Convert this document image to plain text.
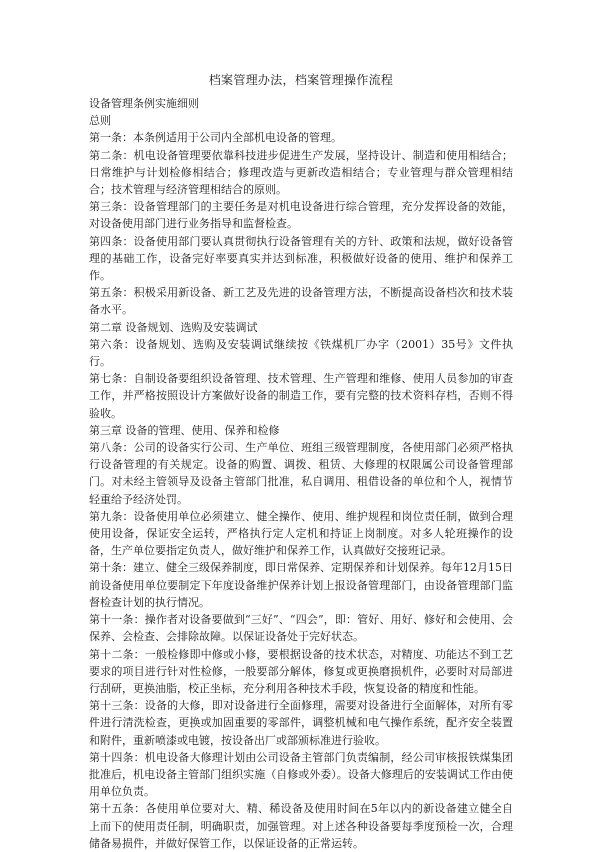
档案管理办法，档案管理操作流程

设备管理条例实施细则

总则

第一条：本条例适用于公司内全部机电设备的管理。

第二条：机电设备管理要依靠科技进步促进生产发展，坚持设计、制造和使用相结合；日常维护与计划检修相结合；修理改造与更新改造相结合；专业管理与群众管理相结合；技术管理与经济管理相结合的原则。

第三条：设备管理部门的主要任务是对机电设备进行综合管理，充分发挥设备的效能，对设备使用部门进行业务指导和监督检查。

第四条：设备使用部门要认真贯彻执行设备管理有关的方针、政策和法规，做好设备管理的基础工作，设备完好率要真实并达到标准，积极做好设备的使用、维护和保养工作。

第五条：积极采用新设备、新工艺及先进的设备管理方法，不断提高设备档次和技术装备水平。

第二章 设备规划、选购及安装调试

第六条：设备规划、选购及安装调试继续按《铁煤机厂办字（2001）35号》文件执行。

第七条：自制设备要组织设备管理、技术管理、生产管理和维修、使用人员参加的审查工作，并严格按照设计方案做好设备的制造工作，要有完整的技术资料存档，否则不得验收。

第三章 设备的管理、使用、保养和检修

第八条：公司的设备实行公司、生产单位、班组三级管理制度，各使用部门必须严格执行设备管理的有关规定。设备的购置、调拨、租赁、大修理的权限属公司设备管理部门。对未经主管领导及设备主管部门批准，私自调用、租借设备的单位和个人，视情节轻重给予经济处罚。

第九条：设备使用单位必须建立、健全操作、使用、维护规程和岗位责任制，做到合理使用设备，保证安全运转，严格执行定人定机和持证上岗制度。对多人轮班操作的设备，生产单位要指定负责人，做好维护和保养工作，认真做好交接班记录。

第十条：建立、健全三级保养制度，即日常保养、定期保养和计划保养。每年12月15日前设备使用单位要制定下年度设备维护保养计划上报设备管理部门，由设备管理部门监督检查计划的执行情况。

第十一条：操作者对设备要做到“三好”、“四会”，即：管好、用好、修好和会使用、会保养、会检查、会排除故障。以保证设备处于完好状态。

第十二条：一般检修即中修或小修，要根据设备的技术状态，对精度、功能达不到工艺要求的项目进行针对性检修，一般要部分解体，修复或更换磨损机件，必要时对局部进行刮研，更换油脂，校正坐标，充分利用各种技术手段，恢复设备的精度和性能。

第十三条：设备的大修，即对设备进行全面修理，需要对设备进行全面解体，对所有零件进行清洗检查，更换或加固重要的零部件，调整机械和电气操作系统，配齐安全装置和附件，重新喷漆或电镀，按设备出厂或部颁标准进行验收。

第十四条：机电设备大修理计划由公司设备主管部门负责编制，经公司审核报铁煤集团批准后，机电设备主管部门组织实施（自修或外委）。设备大修理后的安装调试工作由使用单位负责。

第十五条：各使用单位要对大、精、稀设备及使用时间在5年以内的新设备建立健全自上而下的使用责任制，明确职责，加强管理。对上述各种设备要每季度预检一次，合理储备易损件，并做好保管工作，以保证设备的正常运转。
